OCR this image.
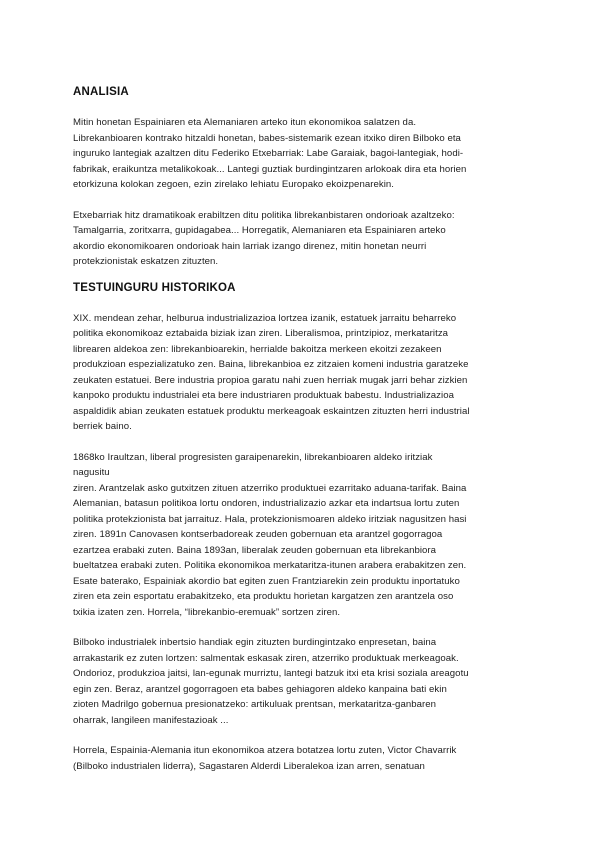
ANALISIA
Mitin honetan Espainiaren eta Alemaniaren arteko itun ekonomikoa salatzen da.
Librekanbioaren kontrako hitzaldi honetan, babes-sistemarik ezean itxiko diren Bilboko eta
inguruko lantegiak azaltzen ditu Federiko Etxebarriak: Labe Garaiak, bagoi-lantegiak, hodi-
fabrikak, eraikuntza metalikokoak... Lantegi guztiak burdingintzaren arlokoak dira eta horien
etorkizuna kolokan zegoen, ezin zirelako lehiatu Europako ekoizpenarekin.
Etxebarriak hitz dramatikoak erabiltzen ditu politika librekanbistaren ondorioak azaltzeko:
Tamalgarria, zoritxarra, gupidagabea... Horregatik, Alemaniaren eta Espainiaren arteko
akordio ekonomikoaren ondorioak hain larriak izango direnez, mitin honetan neurri
protekzionistak eskatzen zituzten.
TESTUINGURU HISTORIKOA
XIX. mendean zehar, helburua industrializazioa lortzea izanik, estatuek jarraitu beharreko
politika ekonomikoaz eztabaida biziak izan ziren. Liberalismoa, printzipioz, merkataritza
librearen aldekoa zen: librekanbioarekin, herrialde bakoitza merkeen ekoitzi zezakeen
produkzioan espezializatuko zen. Baina, librekanbioa ez zitzaien komeni industria garatzeke
zeukaten estatuei. Bere industria propioa garatu nahi zuen herriak mugak jarri behar zizkien
kanpoko produktu industrialei eta bere industriaren produktuak babestu. Industrializazioa
aspaldidik abian zeukaten estatuek produktu merkeagoak eskaintzen zituzten herri industrial
berriek baino.
1868ko Iraultzan, liberal progresisten garaipenarekin, librekanbioaren aldeko iritziak
nagusitu
ziren. Arantzelak asko gutxitzen zituen atzerriko produktuei ezarritako aduana-tarifak. Baina
Alemanian, batasun politikoa lortu ondoren, industrializazio azkar eta indartsua lortu zuten
politika protekzionista bat jarraituz. Hala, protekzionismoaren aldeko iritziak nagusitzen hasi
ziren. 1891n Canovasen kontserbadoreak zeuden gobernuan eta arantzel gogorragoa
ezartzea erabaki zuten. Baina 1893an, liberalak zeuden gobernuan eta librekanbiora
bueltatzea erabaki zuten. Politika ekonomikoa merkataritza-itunen arabera erabakitzen zen.
Esate baterako, Espainiak akordio bat egiten zuen Frantziarekin zein produktu inportatuko
ziren eta zein esportatu erabakitzeko, eta produktu horietan kargatzen zen arantzela oso
txikia izaten zen. Horrela, “librekanbio-eremuak” sortzen ziren.
Bilboko industrialek inbertsio handiak egin zituzten burdingintzako enpresetan, baina
arrakastarik ez zuten lortzen: salmentak eskasak ziren, atzerriko produktuak merkeagoak.
Ondorioz, produkzioa jaitsi, lan-egunak murriztu, lantegi batzuk itxi eta krisi soziala areagotu
egin zen. Beraz, arantzel gogorragoen eta babes gehiagoren aldeko kanpaina bati ekin
zioten Madrilgo gobernua presionatzeko: artikuluak prentsan, merkataritza-ganbaren
oharrak, langileen manifestazioak ...
Horrela, Espainia-Alemania itun ekonomikoa atzera botatzea lortu zuten, Victor Chavarrik
(Bilboko industrialen liderra), Sagastaren Alderdi Liberalekoa izan arren, senatuan
